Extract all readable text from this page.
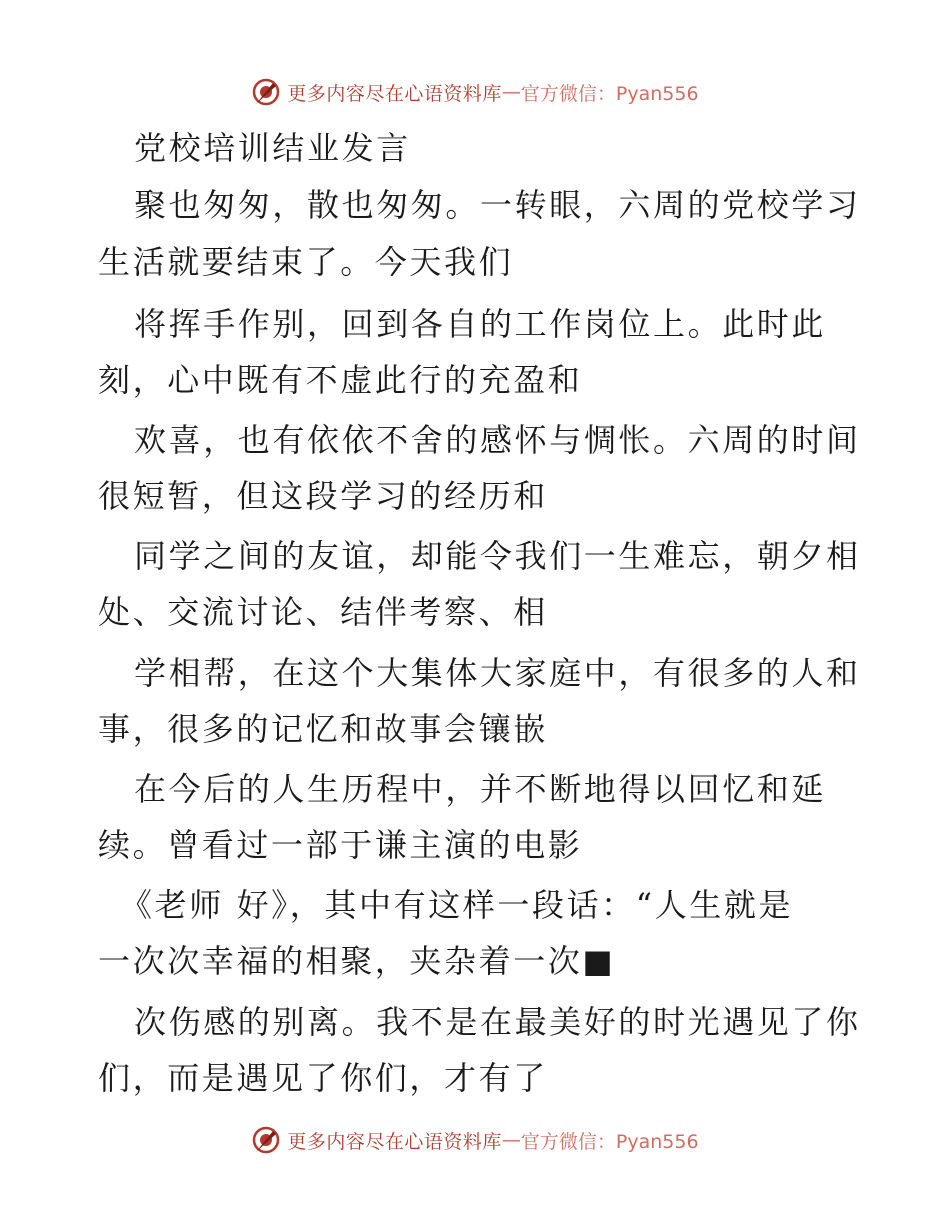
更多内容尽在心语资料库 — 官方微信：Pyan556
党校培训结业发言
聚也匆匆，散也匆匆。一转眼，六周的党校学习
生活就要结束了。今天我们
将挥手作别，回到各自的工作岗位上。此时此
刻，心中既有不虚此行的充盈和
欢喜，也有依依不舍的感怀与惆怅。六周的时间
很短暂，但这段学习的经历和
同学之间的友谊，却能令我们一生难忘，朝夕相
处、交流讨论、结伴考察、相
学相帮，在这个大集体大家庭中，有很多的人和
事，很多的记忆和故事会镶嵌
在今后的人生历程中，并不断地得以回忆和延
续。曾看过一部于谦主演的电影
《老师 好》，其中有这样一段话：“人生就是
一次次幸福的相聚，夹杂着一次■
次伤感的别离。我不是在最美好的时光遇见了你
们，而是遇见了你们，才有了
更多内容尽在心语资料库 — 官方微信：Pyan556
